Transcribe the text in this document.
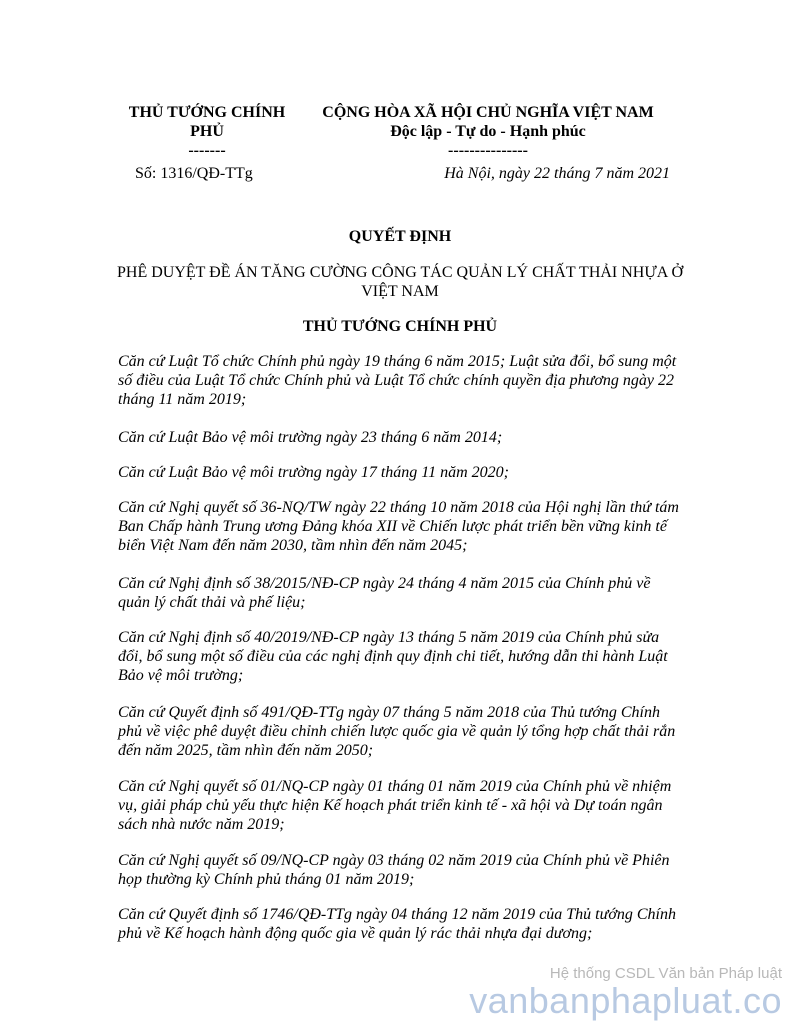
THỦ TƯỚNG CHÍNH
PHỦ
-------
CỘNG HÒA XÃ HỘI CHỦ NGHĨA VIỆT NAM
Độc lập - Tự do - Hạnh phúc
---------------
Số: 1316/QĐ-TTg	Hà Nội, ngày 22 tháng 7 năm 2021
QUYẾT ĐỊNH
PHÊ DUYỆT ĐỀ ÁN TĂNG CƯỜNG CÔNG TÁC QUẢN LÝ CHẤT THẢI NHỰA Ở VIỆT NAM
THỦ TƯỚNG CHÍNH PHỦ
Căn cứ Luật Tổ chức Chính phủ ngày 19 tháng 6 năm 2015; Luật sửa đổi, bổ sung một số điều của Luật Tổ chức Chính phủ và Luật Tổ chức chính quyền địa phương ngày 22 tháng 11 năm 2019;
Căn cứ Luật Bảo vệ môi trường ngày 23 tháng 6 năm 2014;
Căn cứ Luật Bảo vệ môi trường ngày 17 tháng 11 năm 2020;
Căn cứ Nghị quyết số 36-NQ/TW ngày 22 tháng 10 năm 2018 của Hội nghị lần thứ tám Ban Chấp hành Trung ương Đảng khóa XII về Chiến lược phát triển bền vững kinh tế biển Việt Nam đến năm 2030, tầm nhìn đến năm 2045;
Căn cứ Nghị định số 38/2015/NĐ-CP ngày 24 tháng 4 năm 2015 của Chính phủ về quản lý chất thải và phế liệu;
Căn cứ Nghị định số 40/2019/NĐ-CP ngày 13 tháng 5 năm 2019 của Chính phủ sửa đổi, bổ sung một số điều của các nghị định quy định chi tiết, hướng dẫn thi hành Luật Bảo vệ môi trường;
Căn cứ Quyết định số 491/QĐ-TTg ngày 07 tháng 5 năm 2018 của Thủ tướng Chính phủ về việc phê duyệt điều chỉnh chiến lược quốc gia về quản lý tổng hợp chất thải rắn đến năm 2025, tầm nhìn đến năm 2050;
Căn cứ Nghị quyết số 01/NQ-CP ngày 01 tháng 01 năm 2019 của Chính phủ về nhiệm vụ, giải pháp chủ yếu thực hiện Kế hoạch phát triển kinh tế - xã hội và Dự toán ngân sách nhà nước năm 2019;
Căn cứ Nghị quyết số 09/NQ-CP ngày 03 tháng 02 năm 2019 của Chính phủ về Phiên họp thường kỳ Chính phủ tháng 01 năm 2019;
Căn cứ Quyết định số 1746/QĐ-TTg ngày 04 tháng 12 năm 2019 của Thủ tướng Chính phủ về Kế hoạch hành động quốc gia về quản lý rác thải nhựa đại dương;
Hệ thống CSDL Văn bản Pháp luật
vanbanphapluat.co
